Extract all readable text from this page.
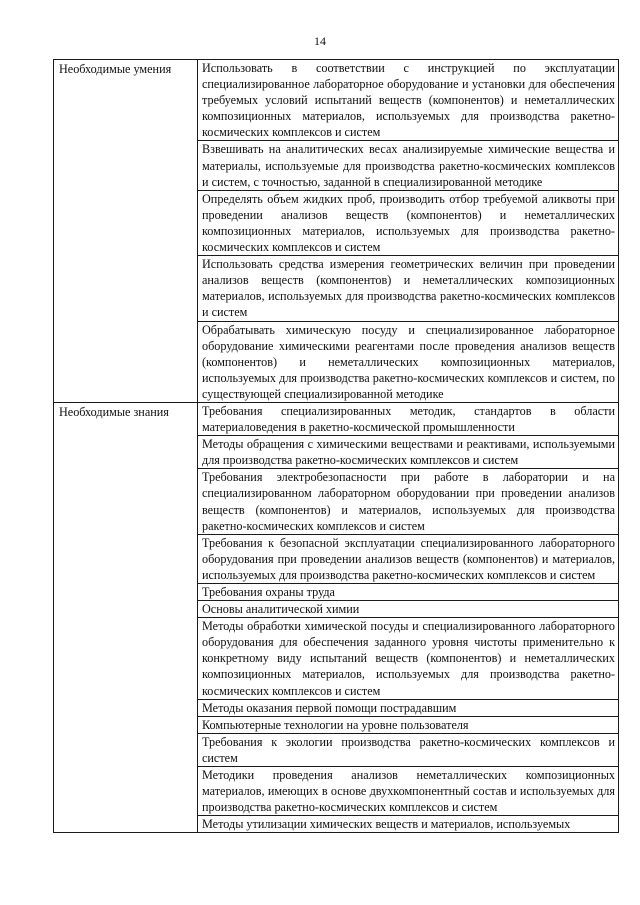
14
Необходимые умения	Использовать в соответствии с инструкцией по эксплуатации специализированное лабораторное оборудование и установки для обеспечения требуемых условий испытаний веществ (компонентов) и неметаллических композиционных материалов, используемых для производства ракетно-космических комплексов и систем
	Взвешивать на аналитических весах анализируемые химические вещества и материалы, используемые для производства ракетно-космических комплексов и систем, с точностью, заданной в специализированной методике
	Определять объем жидких проб, производить отбор требуемой аликвоты при проведении анализов веществ (компонентов) и неметаллических композиционных материалов, используемых для производства ракетно-космических комплексов и систем
	Использовать средства измерения геометрических величин при проведении анализов веществ (компонентов) и неметаллических композиционных материалов, используемых для производства ракетно-космических комплексов и систем
	Обрабатывать химическую посуду и специализированное лабораторное оборудование химическими реагентами после проведения анализов веществ (компонентов) и неметаллических композиционных материалов, используемых для производства ракетно-космических комплексов и систем, по существующей специализированной методике
Необходимые знания	Требования специализированных методик, стандартов в области материаловедения в ракетно-космической промышленности
	Методы обращения с химическими веществами и реактивами, используемыми для производства ракетно-космических комплексов и систем
	Требования электробезопасности при работе в лаборатории и на специализированном лабораторном оборудовании при проведении анализов веществ (компонентов) и материалов, используемых для производства ракетно-космических комплексов и систем
	Требования к безопасной эксплуатации специализированного лабораторного оборудования при проведении анализов веществ (компонентов) и материалов, используемых для производства ракетно-космических комплексов и систем
	Требования охраны труда
	Основы аналитической химии
	Методы обработки химической посуды и специализированного лабораторного оборудования для обеспечения заданного уровня чистоты применительно к конкретному виду испытаний веществ (компонентов) и неметаллических композиционных материалов, используемых для производства ракетно-космических комплексов и систем
	Методы оказания первой помощи пострадавшим
	Компьютерные технологии на уровне пользователя
	Требования к экологии производства ракетно-космических комплексов и систем
	Методики проведения анализов неметаллических композиционных материалов, имеющих в основе двухкомпонентный состав и используемых для производства ракетно-космических комплексов и систем
	Методы утилизации химических веществ и материалов, используемых
